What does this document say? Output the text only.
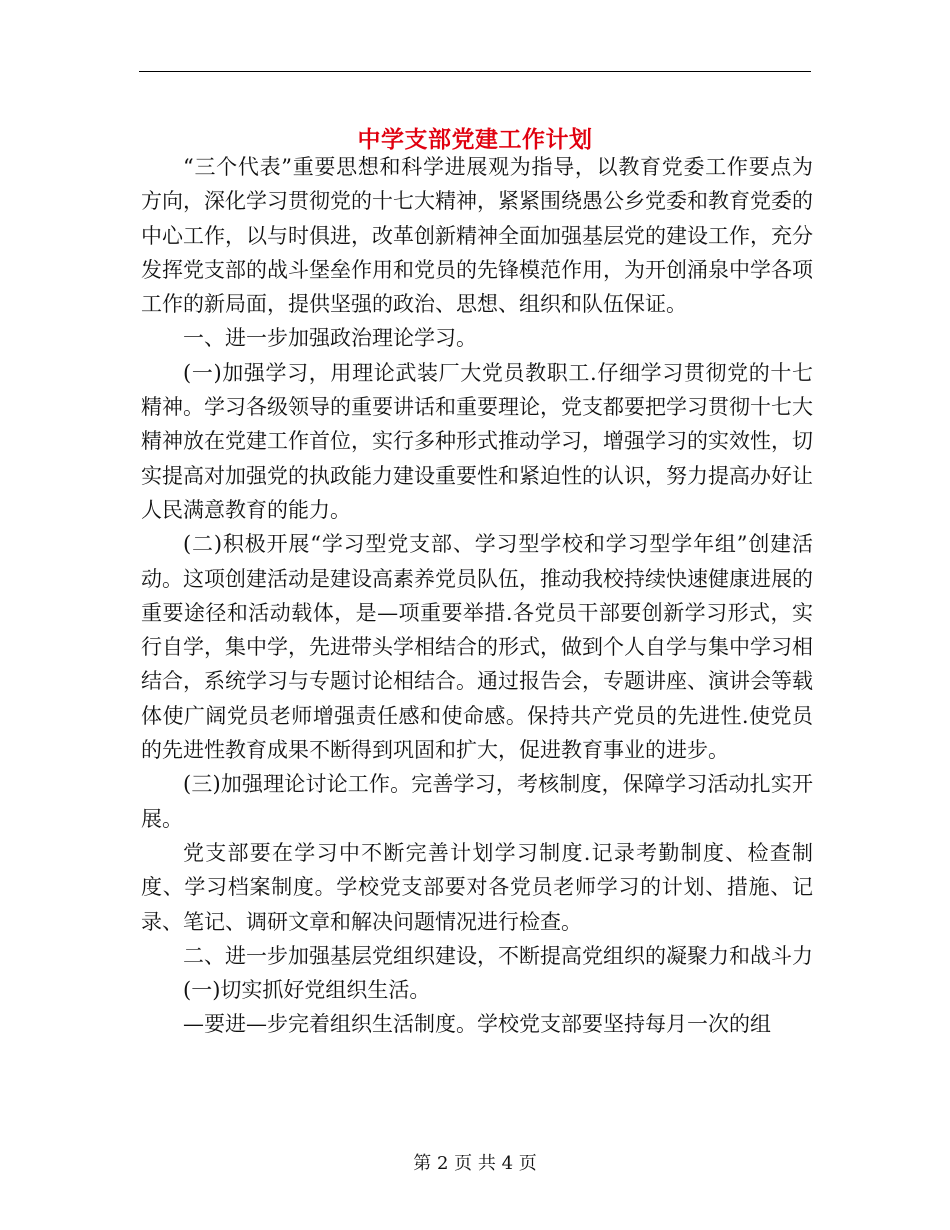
中学支部党建工作计划

“三个代表”重要思想和科学进展观为指导，以教育党委工作要点为方向，深化学习贯彻党的十七大精神，紧紧围绕愚公乡党委和教育党委的中心工作，以与时俱进，改革创新精神全面加强基层党的建设工作，充分发挥党支部的战斗堡垒作用和党员的先锋模范作用，为开创涌泉中学各项工作的新局面，提供坚强的政治、思想、组织和队伍保证。

一、进一步加强政治理论学习。

(一)加强学习，用理论武装厂大党员教职工.仔细学习贯彻党的十七精神。学习各级领导的重要讲话和重要理论，党支都要把学习贯彻十七大精神放在党建工作首位，实行多种形式推动学习，增强学习的实效性，切实提高对加强党的执政能力建设重要性和紧迫性的认识，努力提高办好让人民满意教育的能力。

(二)积极开展“学习型党支部、学习型学校和学习型学年组”创建活动。这项创建活动是建设高素养党员队伍，推动我校持续快速健康进展的重要途径和活动载体，是—项重要举措.各党员干部要创新学习形式，实行自学，集中学，先进带头学相结合的形式，做到个人自学与集中学习相结合，系统学习与专题讨论相结合。通过报告会，专题讲座、演讲会等载体使广阔党员老师增强责任感和使命感。保持共产党员的先进性.使党员的先进性教育成果不断得到巩固和扩大，促进教育事业的进步。

(三)加强理论讨论工作。完善学习，考核制度，保障学习活动扎实开展。

党支部要在学习中不断完善计划学习制度.记录考勤制度、检查制度、学习档案制度。学校党支部要对各党员老师学习的计划、措施、记录、笔记、调研文章和解决问题情况进行检查。

二、进一步加强基层党组织建设，不断提高党组织的凝聚力和战斗力

(一)切实抓好党组织生活。

—要进—步完着组织生活制度。学校党支部要坚持每月一次的组

第 2 页 共 4 页
